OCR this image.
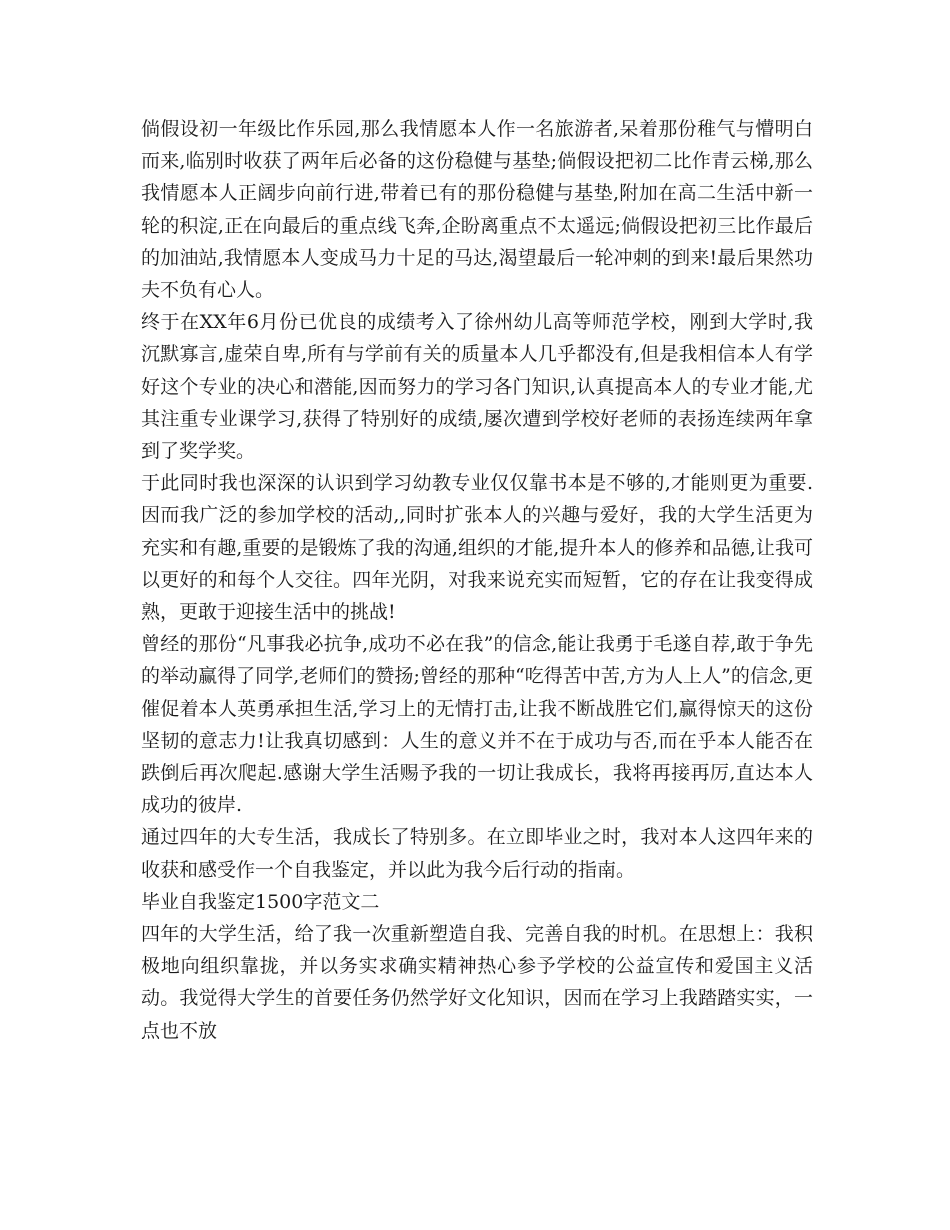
倘假设初一年级比作乐园,那么我情愿本人作一名旅游者,呆着那份稚气与懵明白而来,临别时收获了两年后必备的这份稳健与基垫;倘假设把初二比作青云梯,那么我情愿本人正阔步向前行进,带着已有的那份稳健与基垫,附加在高二生活中新一轮的积淀,正在向最后的重点线飞奔,企盼离重点不太遥远;倘假设把初三比作最后的加油站,我情愿本人变成马力十足的马达,渴望最后一轮冲刺的到来!最后果然功夫不负有心人。

终于在XX年6月份已优良的成绩考入了徐州幼儿高等师范学校，刚到大学时,我沉默寡言,虚荣自卑,所有与学前有关的质量本人几乎都没有,但是我相信本人有学好这个专业的决心和潜能,因而努力的学习各门知识,认真提高本人的专业才能,尤其注重专业课学习,获得了特别好的成绩,屡次遭到学校好老师的表扬连续两年拿到了奖学奖。

于此同时我也深深的认识到学习幼教专业仅仅靠书本是不够的,才能则更为重要.因而我广泛的参加学校的活动,,同时扩张本人的兴趣与爱好，我的大学生活更为充实和有趣,重要的是锻炼了我的沟通,组织的才能,提升本人的修养和品德,让我可以更好的和每个人交往。四年光阴，对我来说充实而短暂，它的存在让我变得成熟，更敢于迎接生活中的挑战!

曾经的那份“凡事我必抗争,成功不必在我”的信念,能让我勇于毛遂自荐,敢于争先的举动赢得了同学,老师们的赞扬;曾经的那种“吃得苦中苦,方为人上人”的信念,更催促着本人英勇承担生活,学习上的无情打击,让我不断战胜它们,赢得惊天的这份坚韧的意志力!让我真切感到：人生的意义并不在于成功与否,而在乎本人能否在跌倒后再次爬起.感谢大学生活赐予我的一切让我成长，我将再接再厉,直达本人成功的彼岸.

通过四年的大专生活，我成长了特别多。在立即毕业之时，我对本人这四年来的收获和感受作一个自我鉴定，并以此为我今后行动的指南。

毕业自我鉴定1500字范文二

四年的大学生活，给了我一次重新塑造自我、完善自我的时机。在思想上：我积极地向组织靠拢，并以务实求确实精神热心参予学校的公益宣传和爱国主义活动。我觉得大学生的首要任务仍然学好文化知识，因而在学习上我踏踏实实，一点也不放
